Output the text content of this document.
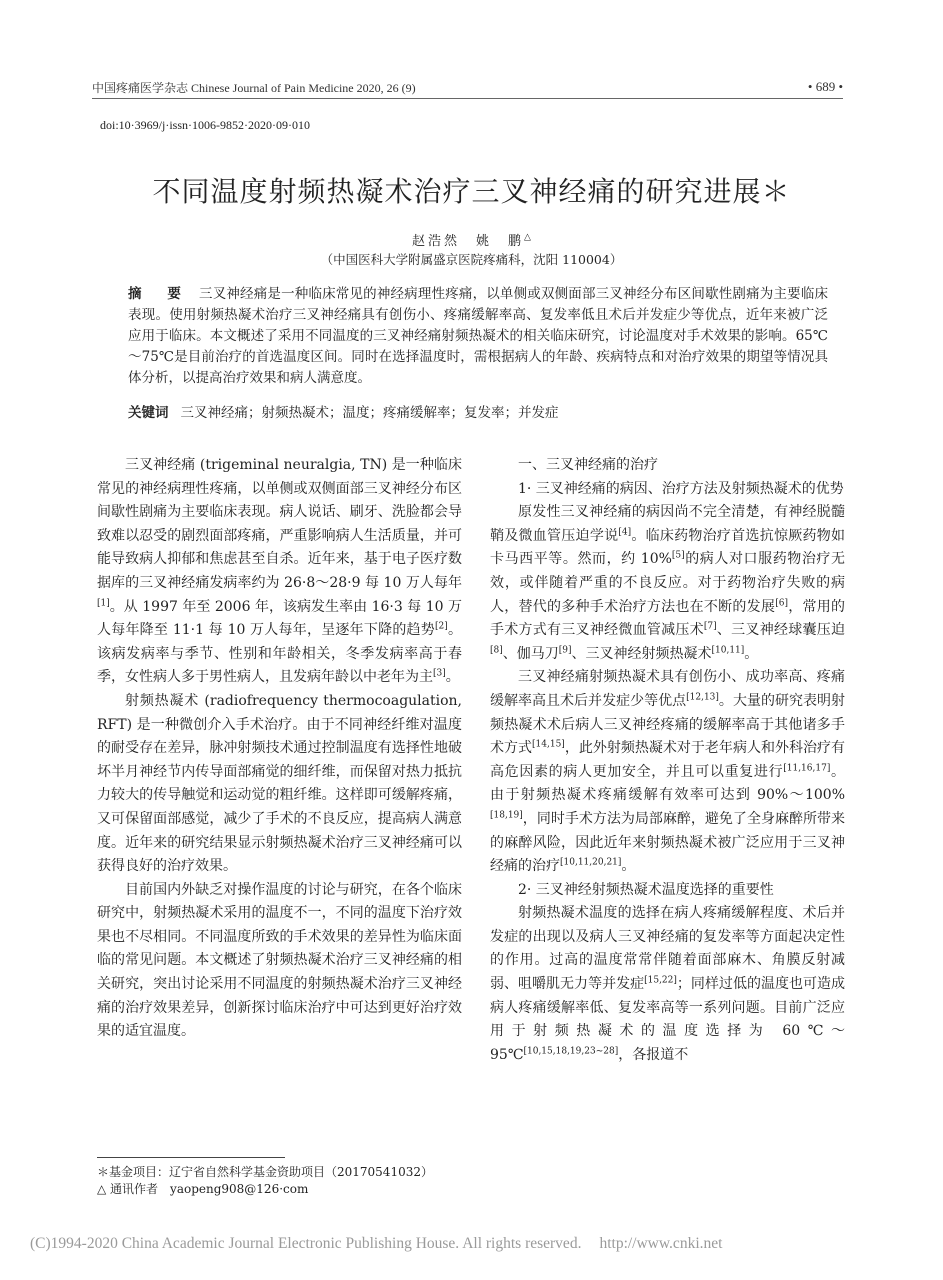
中国疼痛医学杂志 Chinese Journal of Pain Medicine 2020, 26 (9)	• 689 •
doi:10·3969/j·issn·1006-9852·2020·09·010
不同温度射频热凝术治疗三叉神经痛的研究进展＊
赵浩然　姚　鹏△
（中国医科大学附属盛京医院疼痛科，沈阳 110004）
摘　要 三叉神经痛是一种临床常见的神经病理性疼痛，以单侧或双侧面部三叉神经分布区间歇性剧痛为主要临床表现。使用射频热凝术治疗三叉神经痛具有创伤小、疼痛缓解率高、复发率低且术后并发症少等优点，近年来被广泛应用于临床。本文概述了采用不同温度的三叉神经痛射频热凝术的相关临床研究，讨论温度对手术效果的影响。65℃～75℃是目前治疗的首选温度区间。同时在选择温度时，需根据病人的年龄、疾病特点和对治疗效果的期望等情况具体分析，以提高治疗效果和病人满意度。
关键词 三叉神经痛；射频热凝术；温度；疼痛缓解率；复发率；并发症

三叉神经痛 (trigeminal neuralgia, TN) 是一种临床常见的神经病理性疼痛，以单侧或双侧面部三叉神经分布区间歇性剧痛为主要临床表现。病人说话、刷牙、洗脸都会导致难以忍受的剧烈面部疼痛，严重影响病人生活质量，并可能导致病人抑郁和焦虑甚至自杀。近年来，基于电子医疗数据库的三叉神经痛发病率约为 26·8～28·9 每 10 万人每年[1]。从 1997 年至 2006 年，该病发生率由 16·3 每 10 万人每年降至 11·1 每 10 万人每年，呈逐年下降的趋势[2]。该病发病率与季节、性别和年龄相关，冬季发病率高于春季，女性病人多于男性病人，且发病年龄以中老年为主[3]。

射频热凝术 (radiofrequency thermocoagulation, RFT) 是一种微创介入手术治疗。由于不同神经纤维对温度的耐受存在差异，脉冲射频技术通过控制温度有选择性地破坏半月神经节内传导面部痛觉的细纤维，而保留对热力抵抗力较大的传导触觉和运动觉的粗纤维。这样即可缓解疼痛，又可保留面部感觉，减少了手术的不良反应，提高病人满意度。近年来的研究结果显示射频热凝术治疗三叉神经痛可以获得良好的治疗效果。

目前国内外缺乏对操作温度的讨论与研究，在各个临床研究中，射频热凝术采用的温度不一，不同的温度下治疗效果也不尽相同。不同温度所致的手术效果的差异性为临床面临的常见问题。本文概述了射频热凝术治疗三叉神经痛的相关研究，突出讨论采用不同温度的射频热凝术治疗三叉神经痛的治疗效果差异，创新探讨临床治疗中可达到更好治疗效果的适宜温度。

一、三叉神经痛的治疗

1· 三叉神经痛的病因、治疗方法及射频热凝术的优势

原发性三叉神经痛的病因尚不完全清楚，有神经脱髓鞘及微血管压迫学说[4]。临床药物治疗首选抗惊厥药物如卡马西平等。然而，约 10%[5]的病人对口服药物治疗无效，或伴随着严重的不良反应。对于药物治疗失败的病人，替代的多种手术治疗方法也在不断的发展[6]，常用的手术方式有三叉神经微血管减压术[7]、三叉神经球囊压迫[8]、伽马刀[9]、三叉神经射频热凝术[10,11]。

三叉神经痛射频热凝术具有创伤小、成功率高、疼痛缓解率高且术后并发症少等优点[12,13]。大量的研究表明射频热凝术术后病人三叉神经疼痛的缓解率高于其他诸多手术方式[14,15]，此外射频热凝术对于老年病人和外科治疗有高危因素的病人更加安全，并且可以重复进行[11,16,17]。由于射频热凝术疼痛缓解有效率可达到 90%～100%[18,19]，同时手术方法为局部麻醉，避免了全身麻醉所带来的麻醉风险，因此近年来射频热凝术被广泛应用于三叉神经痛的治疗[10,11,20,21]。

2· 三叉神经射频热凝术温度选择的重要性

射频热凝术温度的选择在病人疼痛缓解程度、术后并发症的出现以及病人三叉神经痛的复发率等方面起决定性的作用。过高的温度常常伴随着面部麻木、角膜反射减弱、咀嚼肌无力等并发症[15,22]；同样过低的温度也可造成病人疼痛缓解率低、复发率高等一系列问题。目前广泛应用于射频热凝术的温度选择为 60℃～95℃[10,15,18,19,23~28]，各报道不

＊基金项目：辽宁省自然科学基金资助项目（20170541032）
△ 通讯作者　yaopeng908@126·com
(C)1994-2020 China Academic Journal Electronic Publishing House. All rights reserved. http://www.cnki.net
